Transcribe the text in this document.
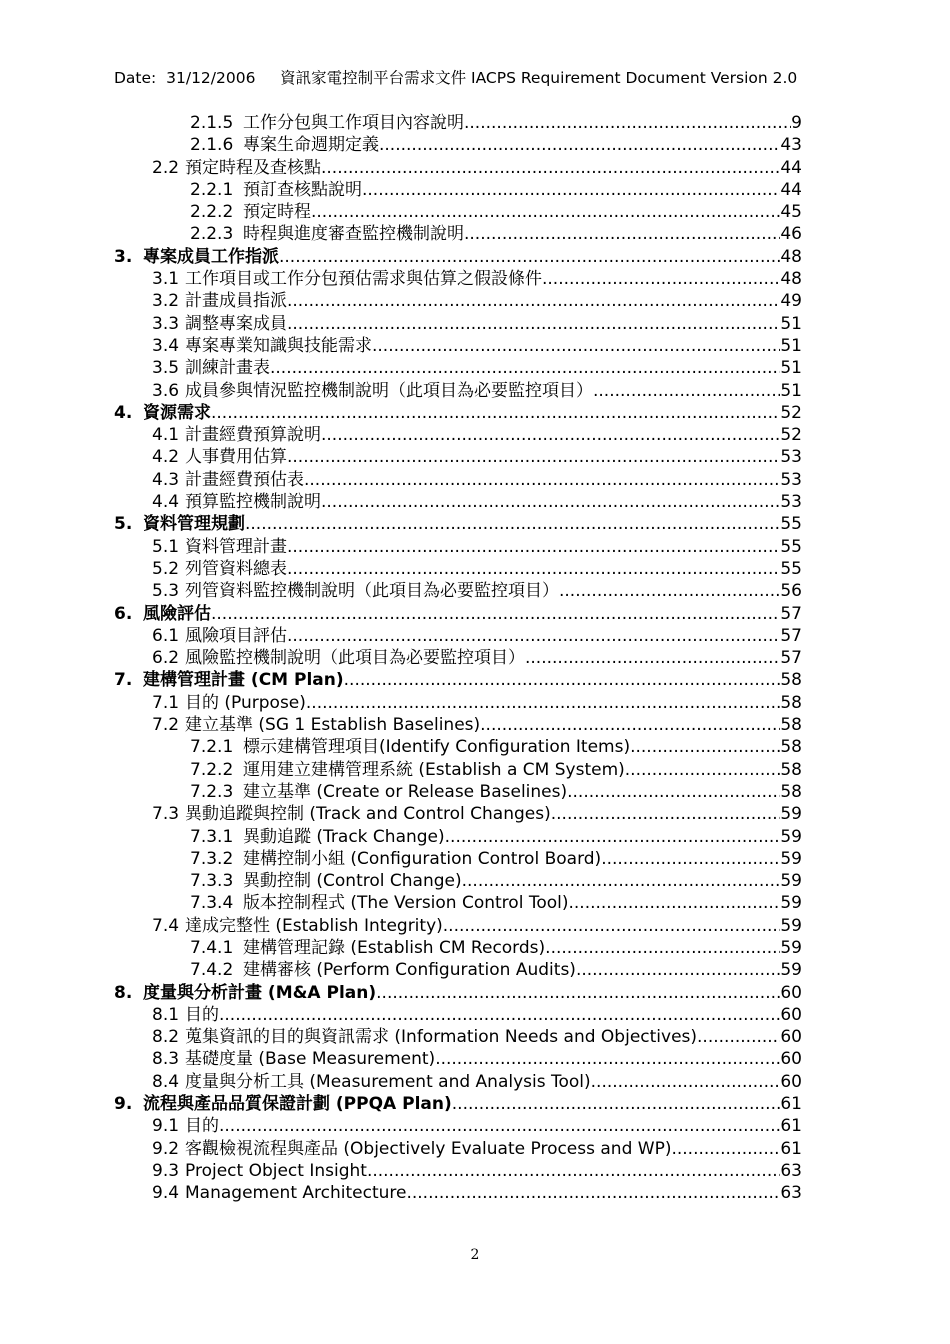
Date:  31/12/2006     資訊家電控制平台需求文件 IACPS Requirement Document Version 2.0
2.1.5 工作分包與工作項目內容說明 .....	9
2.1.6 專案生命週期定義 .....	43
2.2 預定時程及查核點 .....	44
2.2.1 預訂查核點說明 .....	44
2.2.2 預定時程 .....	45
2.2.3 時程與進度審查監控機制說明 .....	46
3. 專案成員工作指派 .....	48
3.1 工作項目或工作分包預估需求與估算之假設條件 .....	48
3.2 計畫成員指派 .....	49
3.3 調整專案成員 .....	51
3.4 專案專業知識與技能需求 .....	51
3.5 訓練計畫表 .....	51
3.6 成員參與情況監控機制說明（此項目為必要監控項目） .....	51
4. 資源需求 .....	52
4.1 計畫經費預算說明 .....	52
4.2 人事費用估算 .....	53
4.3 計畫經費預估表 .....	53
4.4 預算監控機制說明 .....	53
5. 資料管理規劃 .....	55
5.1 資料管理計畫 .....	55
5.2 列管資料總表 .....	55
5.3 列管資料監控機制說明（此項目為必要監控項目） .....	56
6. 風險評估 .....	57
6.1 風險項目評估 .....	57
6.2 風險監控機制說明（此項目為必要監控項目） .....	57
7. 建構管理計畫 (CM Plan) .....	58
7.1 目的 (Purpose) .....	58
7.2 建立基準 (SG 1 Establish Baselines) .....	58
7.2.1 標示建構管理項目(Identify Configuration Items) .....	58
7.2.2 運用建立建構管理系統 (Establish a CM System) .....	58
7.2.3 建立基準 (Create or Release Baselines) .....	58
7.3 異動追蹤與控制 (Track and Control Changes) .....	59
7.3.1 異動追蹤 (Track Change) .....	59
7.3.2 建構控制小組 (Configuration Control Board) .....	59
7.3.3 異動控制 (Control Change) .....	59
7.3.4 版本控制程式 (The Version Control Tool) .....	59
7.4 達成完整性 (Establish Integrity) .....	59
7.4.1 建構管理記錄 (Establish CM Records) .....	59
7.4.2 建構審核 (Perform Configuration Audits) .....	59
8. 度量與分析計畫 (M&A Plan) .....	60
8.1 目的 .....	60
8.2 蒐集資訊的目的與資訊需求 (Information Needs and Objectives) .....	60
8.3 基礎度量 (Base Measurement) .....	60
8.4 度量與分析工具 (Measurement and Analysis Tool) .....	60
9. 流程與產品品質保證計劃 (PPQA Plan) .....	61
9.1 目的 .....	61
9.2 客觀檢視流程與產品 (Objectively Evaluate Process and WP) .....	61
9.3 Project Object Insight .....	63
9.4 Management Architecture .....	63
2
